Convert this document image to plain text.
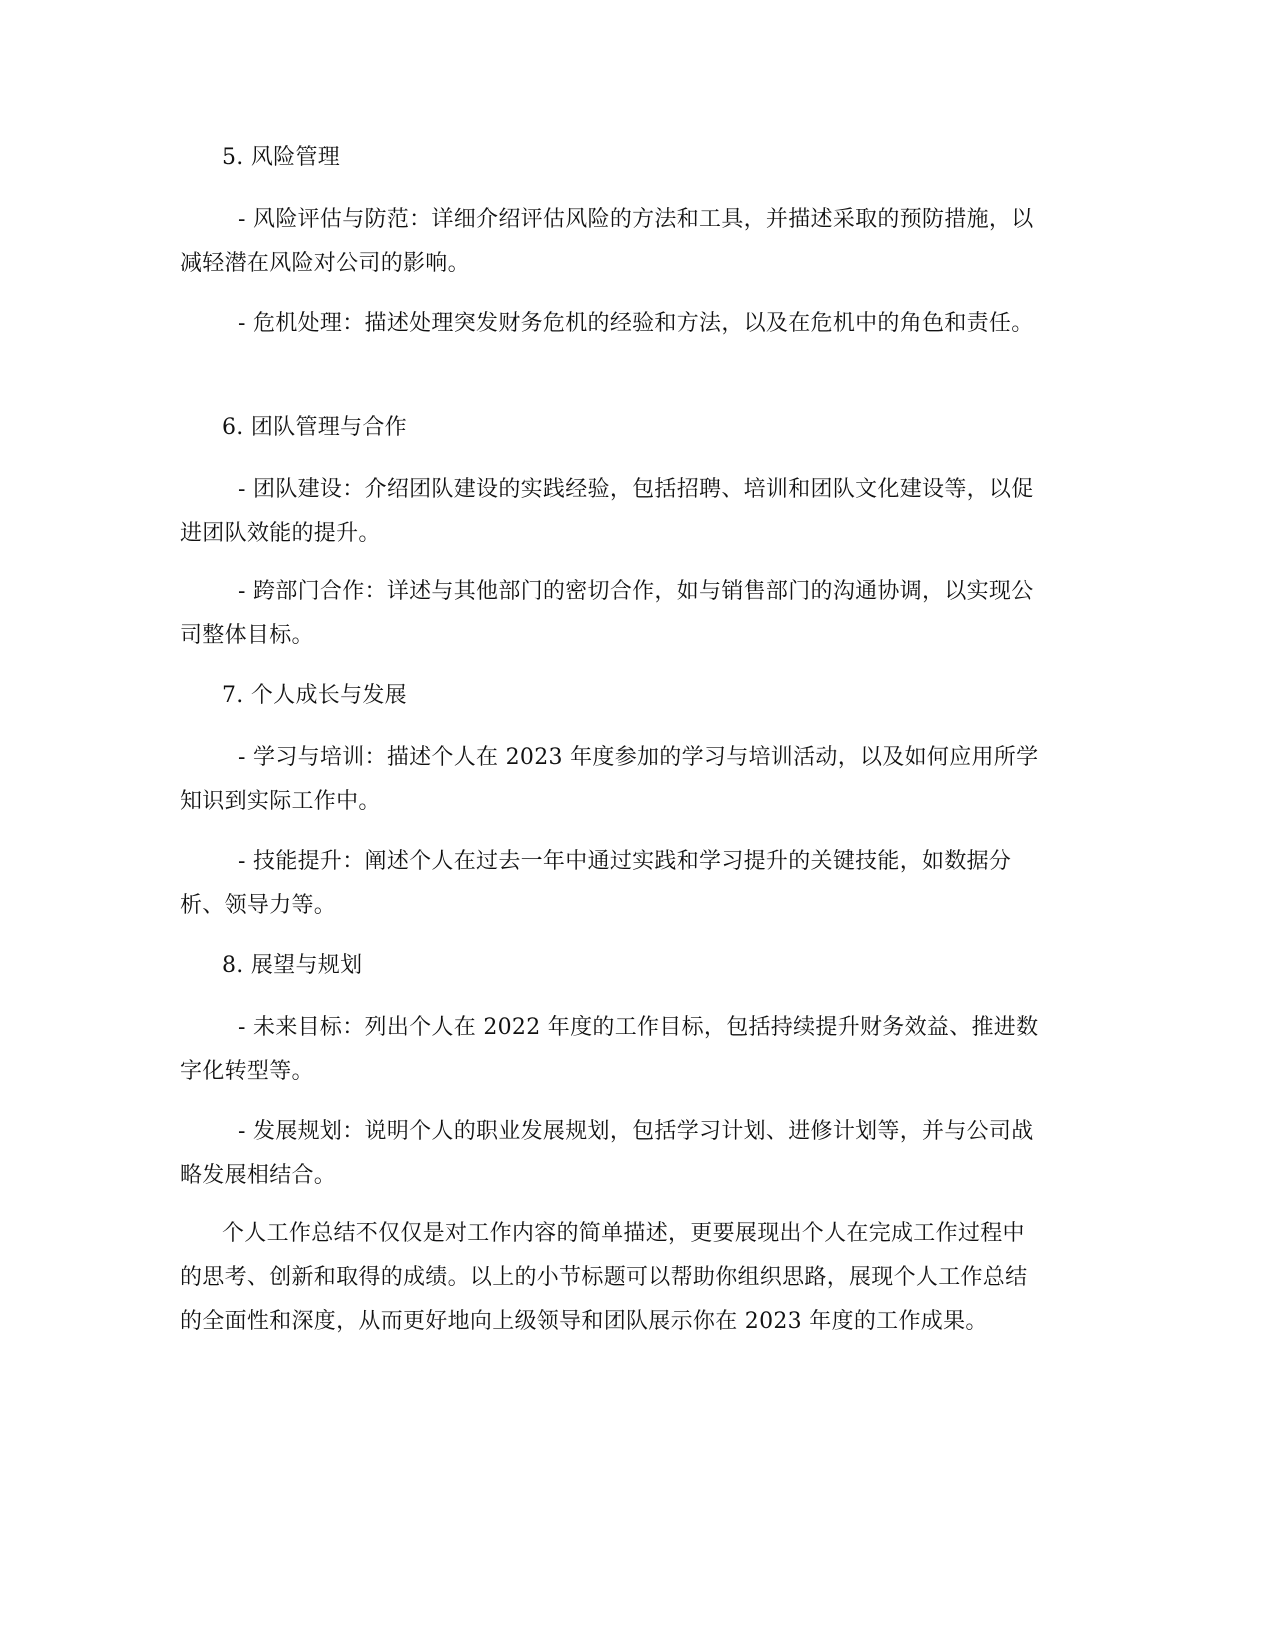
5. 风险管理

- 风险评估与防范：详细介绍评估风险的方法和工具，并描述采取的预防措施，以减轻潜在风险对公司的影响。

- 危机处理：描述处理突发财务危机的经验和方法，以及在危机中的角色和责任。

6. 团队管理与合作

- 团队建设：介绍团队建设的实践经验，包括招聘、培训和团队文化建设等，以促进团队效能的提升。

- 跨部门合作：详述与其他部门的密切合作，如与销售部门的沟通协调，以实现公司整体目标。

7. 个人成长与发展

- 学习与培训：描述个人在 2023 年度参加的学习与培训活动，以及如何应用所学知识到实际工作中。

- 技能提升：阐述个人在过去一年中通过实践和学习提升的关键技能，如数据分析、领导力等。

8. 展望与规划

- 未来目标：列出个人在 2022 年度的工作目标，包括持续提升财务效益、推进数字化转型等。

- 发展规划：说明个人的职业发展规划，包括学习计划、进修计划等，并与公司战略发展相结合。

个人工作总结不仅仅是对工作内容的简单描述，更要展现出个人在完成工作过程中的思考、创新和取得的成绩。以上的小节标题可以帮助你组织思路，展现个人工作总结的全面性和深度，从而更好地向上级领导和团队展示你在 2023 年度的工作成果。
